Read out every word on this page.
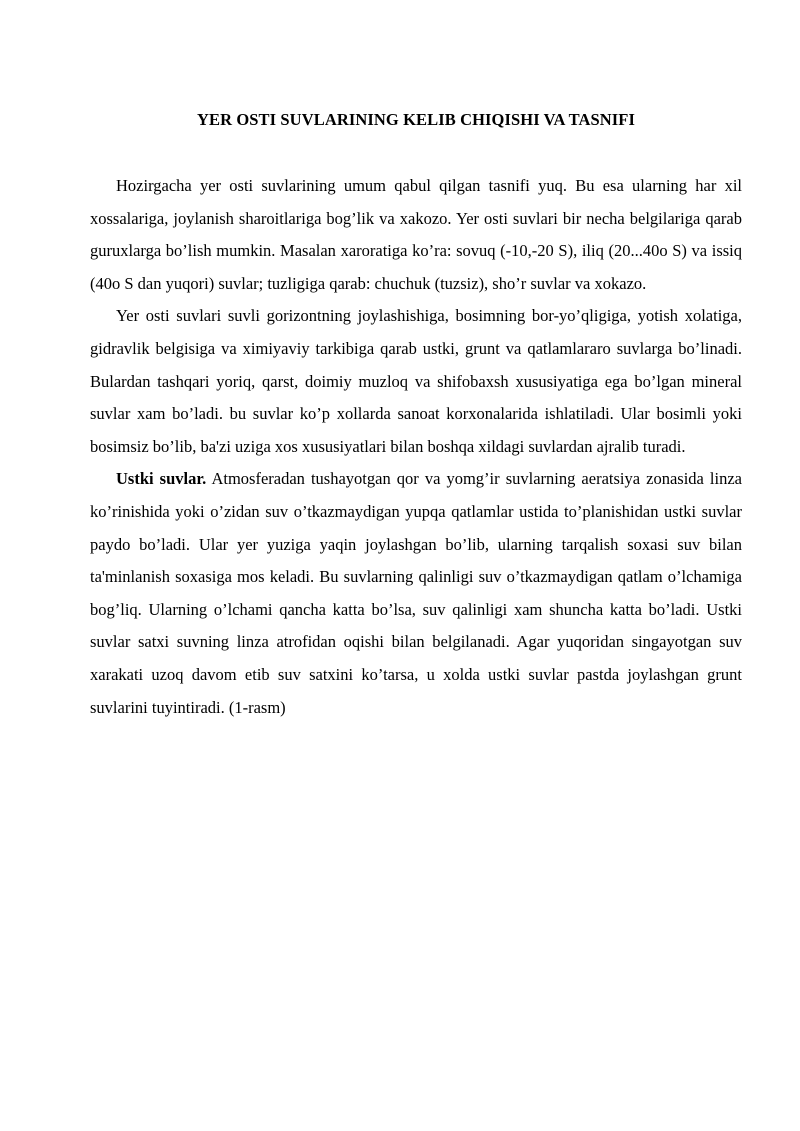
YER OSTI SUVLARINING KELIB CHIQISHI VA TASNIFI

Hozirgacha yer osti suvlarining umum qabul qilgan tasnifi yuq. Bu esa ularning har xil xossalariga, joylanish sharoitlariga bog’lik va xakozo. Yer osti suvlari bir necha belgilariga qarab guruxlarga bo’lish mumkin. Masalan xaroratiga ko’ra: sovuq (-10,-20 S), iliq (20...40o S) va issiq (40o S dan yuqori) suvlar; tuzligiga qarab: chuchuk (tuzsiz), sho’r suvlar va xokazo.

Yer osti suvlari suvli gorizontning joylashishiga, bosimning bor-yo’qligiga, yotish xolatiga, gidravlik belgisiga va ximiyaviy tarkibiga qarab ustki, grunt va qatlamlararo suvlarga bo’linadi. Bulardan tashqari yoriq, qarst, doimiy muzloq va shifobaxsh xususiyatiga ega bo’lgan mineral suvlar xam bo’ladi. bu suvlar ko’p xollarda sanoat korxonalarida ishlatiladi. Ular bosimli yoki bosimsiz bo’lib, ba'zi uziga xos xususiyatlari bilan boshqa xildagi suvlardan ajralib turadi.

Ustki suvlar. Atmosferadan tushayotgan qor va yomg’ir suvlarning aeratsiya zonasida linza ko’rinishida yoki o’zidan suv o’tkazmaydigan yupqa qatlamlar ustida to’planishidan ustki suvlar paydo bo’ladi. Ular yer yuziga yaqin joylashgan bo’lib, ularning tarqalish soxasi suv bilan ta'minlanish soxasiga mos keladi. Bu suvlarning qalinligi suv o’tkazmaydigan qatlam o’lchamiga bog’liq. Ularning o’lchami qancha katta bo’lsa, suv qalinligi xam shuncha katta bo’ladi. Ustki suvlar satxi suvning linza atrofidan oqishi bilan belgilanadi. Agar yuqoridan singayotgan suv xarakati uzoq davom etib suv satxini ko’tarsa, u xolda ustki suvlar pastda joylashgan grunt suvlarini tuyintiradi. (1-rasm)
